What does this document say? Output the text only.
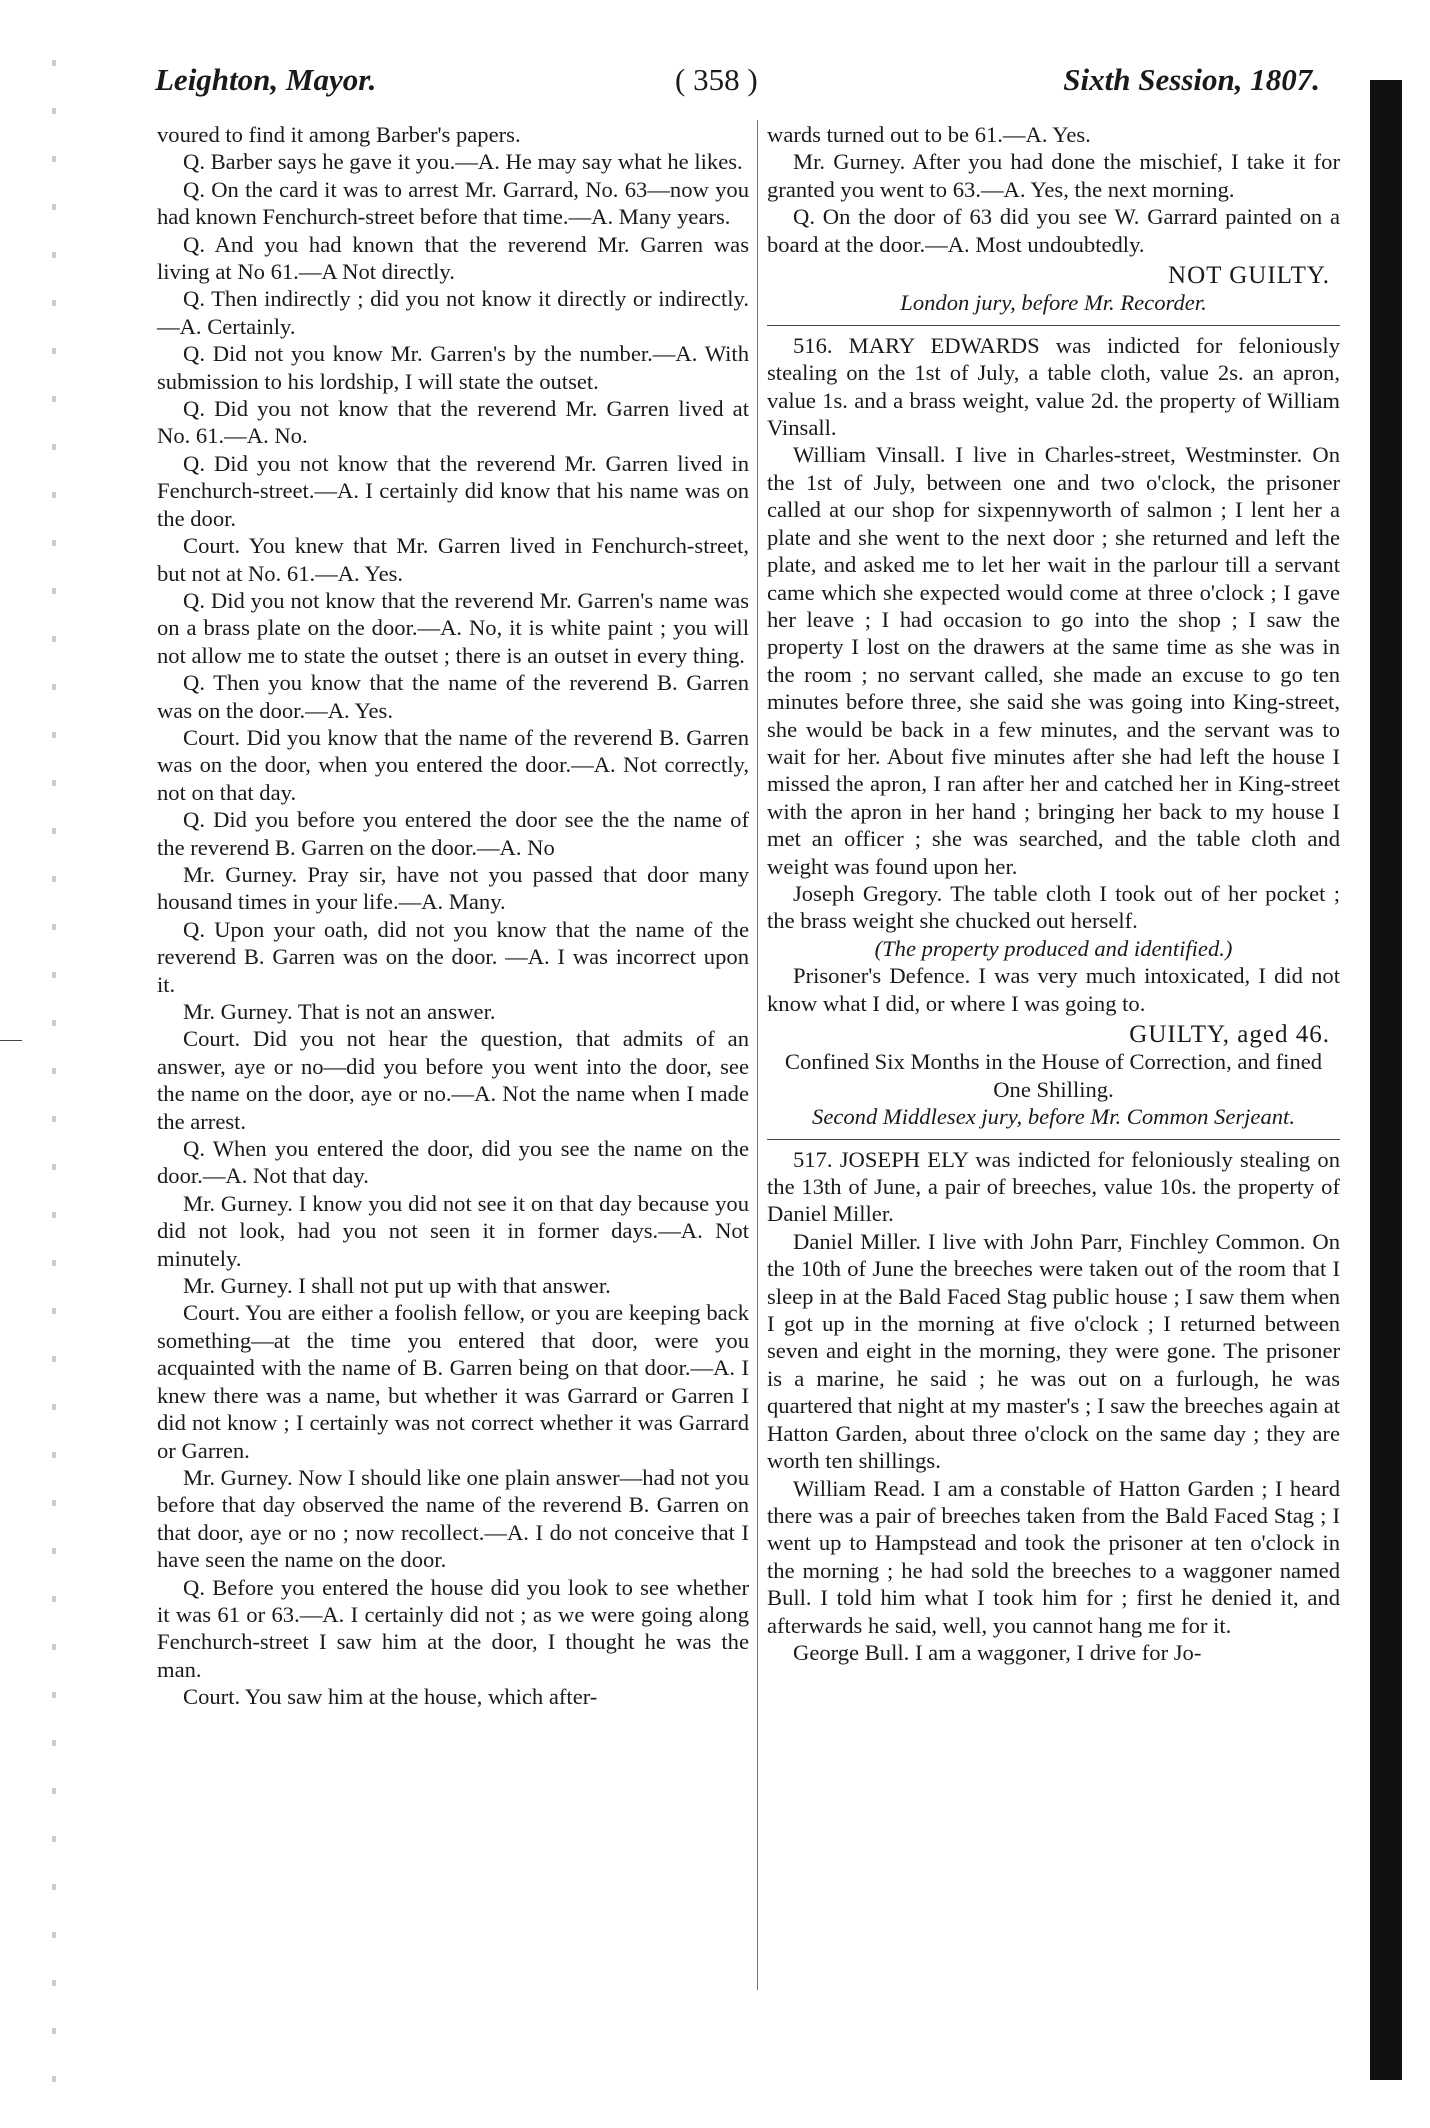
Leighton, Mayor.	( 358 )	Sixth Session, 1807.

voured to find it among Barber's papers.

Q. Barber says he gave it you.—A. He may say what he likes.

Q. On the card it was to arrest Mr. Garrard, No. 63—now you had known Fenchurch-street before that time.—A. Many years.

Q. And you had known that the reverend Mr. Garren was living at No 61.—A Not directly.

Q. Then indirectly ; did you not know it directly or indirectly.—A. Certainly.

Q. Did not you know Mr. Garren's by the number.—A. With submission to his lordship, I will state the outset.

Q. Did you not know that the reverend Mr. Garren lived at No. 61.—A. No.

Q. Did you not know that the reverend Mr. Garren lived in Fenchurch-street.—A. I certainly did know that his name was on the door.

Court. You knew that Mr. Garren lived in Fenchurch-street, but not at No. 61.—A. Yes.

Q. Did you not know that the reverend Mr. Garren's name was on a brass plate on the door.—A. No, it is white paint ; you will not allow me to state the outset ; there is an outset in every thing.

Q. Then you know that the name of the reverend B. Garren was on the door.—A. Yes.

Court. Did you know that the name of the reverend B. Garren was on the door, when you entered the door.—A. Not correctly, not on that day.

Q. Did you before you entered the door see the the name of the reverend B. Garren on the door.—A. No

Mr. Gurney. Pray sir, have not you passed that door many housand times in your life.—A. Many.

Q. Upon your oath, did not you know that the name of the reverend B. Garren was on the door. —A. I was incorrect upon it.

Mr. Gurney. That is not an answer.

Court. Did you not hear the question, that admits of an answer, aye or no—did you before you went into the door, see the name on the door, aye or no.—A. Not the name when I made the arrest.

Q. When you entered the door, did you see the name on the door.—A. Not that day.

Mr. Gurney. I know you did not see it on that day because you did not look, had you not seen it in former days.—A. Not minutely.

Mr. Gurney. I shall not put up with that answer.

Court. You are either a foolish fellow, or you are keeping back something—at the time you entered that door, were you acquainted with the name of B. Garren being on that door.—A. I knew there was a name, but whether it was Garrard or Garren I did not know ; I certainly was not correct whether it was Garrard or Garren.

Mr. Gurney. Now I should like one plain answer—had not you before that day observed the name of the reverend B. Garren on that door, aye or no ; now recollect.—A. I do not conceive that I have seen the name on the door.

Q. Before you entered the house did you look to see whether it was 61 or 63.—A. I certainly did not ; as we were going along Fenchurch-street I saw him at the door, I thought he was the man.

Court. You saw him at the house, which after-

wards turned out to be 61.—A. Yes.

Mr. Gurney. After you had done the mischief, I take it for granted you went to 63.—A. Yes, the next morning.

Q. On the door of 63 did you see W. Garrard painted on a board at the door.—A. Most undoubtedly.

NOT GUILTY.

London jury, before Mr. Recorder.

516. MARY EDWARDS was indicted for feloniously stealing on the 1st of July, a table cloth, value 2s. an apron, value 1s. and a brass weight, value 2d. the property of William Vinsall.

William Vinsall. I live in Charles-street, Westminster. On the 1st of July, between one and two o'clock, the prisoner called at our shop for sixpennyworth of salmon ; I lent her a plate and she went to the next door ; she returned and left the plate, and asked me to let her wait in the parlour till a servant came which she expected would come at three o'clock ; I gave her leave ; I had occasion to go into the shop ; I saw the property I lost on the drawers at the same time as she was in the room ; no servant called, she made an excuse to go ten minutes before three, she said she was going into King-street, she would be back in a few minutes, and the servant was to wait for her. About five minutes after she had left the house I missed the apron, I ran after her and catched her in King-street with the apron in her hand ; bringing her back to my house I met an officer ; she was searched, and the table cloth and weight was found upon her.

Joseph Gregory. The table cloth I took out of her pocket ; the brass weight she chucked out herself.

(The property produced and identified.)

Prisoner's Defence. I was very much intoxicated, I did not know what I did, or where I was going to.

GUILTY, aged 46.

Confined Six Months in the House of Correction, and fined One Shilling.

Second Middlesex jury, before Mr. Common Serjeant.

517. JOSEPH ELY was indicted for feloniously stealing on the 13th of June, a pair of breeches, value 10s. the property of Daniel Miller.

Daniel Miller. I live with John Parr, Finchley Common. On the 10th of June the breeches were taken out of the room that I sleep in at the Bald Faced Stag public house ; I saw them when I got up in the morning at five o'clock ; I returned between seven and eight in the morning, they were gone. The prisoner is a marine, he said ; he was out on a furlough, he was quartered that night at my master's ; I saw the breeches again at Hatton Garden, about three o'clock on the same day ; they are worth ten shillings.

William Read. I am a constable of Hatton Garden ; I heard there was a pair of breeches taken from the Bald Faced Stag ; I went up to Hampstead and took the prisoner at ten o'clock in the morning ; he had sold the breeches to a waggoner named Bull. I told him what I took him for ; first he denied it, and afterwards he said, well, you cannot hang me for it.

George Bull. I am a waggoner, I drive for Jo-
